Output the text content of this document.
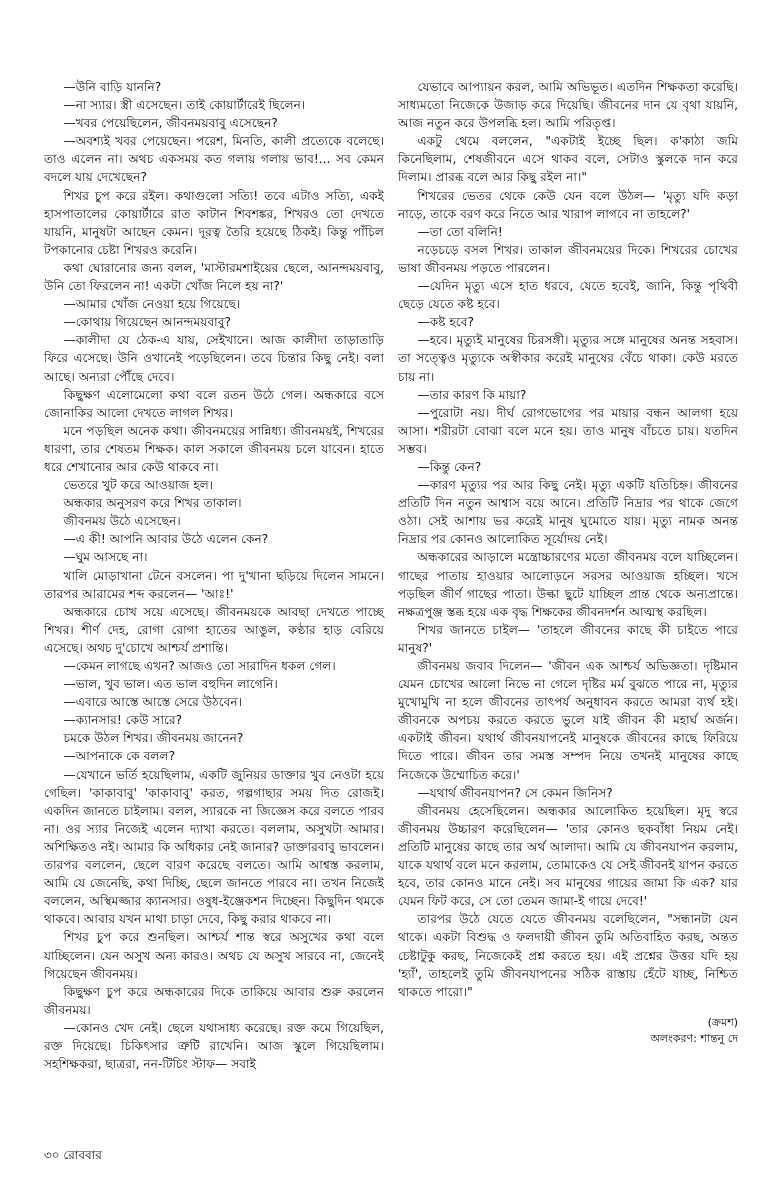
—উনি বাড়ি যাননি?

—না স্যার। স্ত্রী এসেছেন। তাই কোয়ার্টারেই ছিলেন।

—খবর পেয়েছিলেন, জীবনময়বাবু এসেছেন?

—অবশ্যই খবর পেয়েছেন। পরেশ, মিনতি, কালী প্রত্যেকে বলেছে। তাও এলেন না। অথচ একসময় কত গলায় গলায় ভাব!... সব কেমন বদলে যায় দেখেছেন?

শিখর চুপ করে রইল। কথাগুলো সত্যি! তবে এটাও সত্যি, একই হাসপাতালের কোয়ার্টারে রাত কাটান শিবশঙ্কর, শিখরও তো দেখতে যায়নি, মানুষটা আছেন কেমন। দূরত্ব তৈরি হয়েছে ঠিকই। কিন্তু পাঁচিল টপকানোর চেষ্টা শিখরও করেনি।

কথা ঘোরানোর জন্য বলল, 'মাস্টারমশাইয়ের ছেলে, আনন্দময়বাবু, উনি তো ফিরলেন না! একটা খোঁজ নিলে হয় না?'

—আমার খোঁজ নেওয়া হয়ে গিয়েছে।

—কোথায় গিয়েছেন আনন্দময়বাবু?

—কালীদা যে ঠেক-এ যায়, সেইখানে। আজ কালীদা তাড়াতাড়ি ফিরে এসেছে। উনি ওখানেই পড়েছিলেন। তবে চিন্তার কিছু নেই। বলা আছে। অন্যরা পৌঁছে দেবে।

কিছুক্ষণ এলোমেলো কথা বলে রতন উঠে গেল। অন্ধকারে বসে জোনাকির আলো দেখতে লাগল শিখর।

মনে পড়ছিল অনেক কথা। জীবনময়ের সান্নিধ্য। জীবনময়ই, শিখরের ধারণা, তার শেষতম শিক্ষক। কাল সকালে জীবনময় চলে যাবেন। হাতে ধরে শেখানোর আর কেউ থাকবে না।

ভেতরে খুট করে আওয়াজ হল।

অন্ধকার অনুসরণ করে শিখর তাকাল।

জীবনময় উঠে এসেছেন।

—এ কী! আপনি আবার উঠে এলেন কেন?

—ঘুম আসছে না।

খালি মোড়াখানা টেনে বসলেন। পা দু'খানা ছড়িয়ে দিলেন সামনে। তারপর আরামের শব্দ করলেন— 'আঃ!'

অন্ধকারে চোখ সয়ে এসেছে। জীবনময়কে আবছা দেখতে পাচ্ছে শিখর। শীর্ণ দেহ, রোগা রোগা হাতের আঙুল, কণ্ঠার হাড় বেরিয়ে এসেছে। অথচ দু'চোখে আশ্চর্য প্রশান্তি।

—কেমন লাগছে এখন? আজও তো সারাদিন ধকল গেল।

—ভাল, খুব ভাল। এত ভাল বহুদিন লাগেনি।

—এবারে আস্তে আস্তে সেরে উঠবেন।

—ক্যানসার! কেউ সারে?

চমকে উঠল শিখর। জীবনময় জানেন?

—আপনাকে কে বলল?

—যেখানে ভর্তি হয়েছিলাম, একটি জুনিয়র ডাক্তার খুব নেওটা হয়ে গেছিল। 'কাকাবাবু' 'কাকাবাবু' করত, গল্পগাছার সময় দিত রোজই। একদিন জানতে চাইলাম। বলল, স্যারকে না জিজ্ঞেস করে বলতে পারব না। ওর স্যার নিজেই এলেন দ্যাখা করতে। বললাম, অসুখটা আমার। অশিক্ষিতও নই। আমার কি অধিকার নেই জানার? ডাক্তারবাবু ভাবলেন। তারপর বললেন, ছেলে বারণ করেছে বলতে। আমি আশ্বস্ত করলাম, আমি যে জেনেছি, কথা দিচ্ছি, ছেলে জানতে পারবে না। তখন নিজেই বললেন, অস্থিমজ্জার ক্যানসার। ওষুধ-ইঞ্জেকশন দিচ্ছেন। কিছুদিন থমকে থাকবে। আবার যখন মাথা চাড়া দেবে, কিছু করার থাকবে না।

শিখর চুপ করে শুনছিল। আশ্চর্য শান্ত স্বরে অসুখের কথা বলে যাচ্ছিলেন। যেন অসুখ অন্য কারও। অথচ যে অসুখ সারবে না, জেনেই গিয়েছেন জীবনময়।

কিছুক্ষণ চুপ করে অন্ধকারের দিকে তাকিয়ে আবার শুরু করলেন জীবনময়।

—কোনও খেদ নেই। ছেলে যথাসাধ্য করেছে। রক্ত কমে গিয়েছিল, রক্ত দিয়েছে। চিকিৎসার ত্রুটি রাখেনি। আজ স্কুলে গিয়েছিলাম। সহশিক্ষকরা, ছাত্ররা, নন-টিচিং স্টাফ— সবাই

যেভাবে আপ্যায়ন করল, আমি অভিভূত। এতদিন শিক্ষকতা করেছি। সাধ্যমতো নিজেকে উজাড় করে দিয়েছি। জীবনের দান যে বৃথা যায়নি, আজ নতুন করে উপলব্ধি হল। আমি পরিতৃপ্ত।

একটু থেমে বললেন, "একটাই ইচ্ছে ছিল। ক'কাঠা জমি কিনেছিলাম, শেষজীবনে এসে থাকব বলে, সেটাও স্কুলকে দান করে দিলাম। প্রারব্ধ বলে আর কিছু রইল না।"

শিখরের ভেতর থেকে কেউ যেন বলে উঠল— 'মৃত্যু যদি কড়া নাড়ে, তাকে বরণ করে নিতে আর খারাপ লাগবে না তাহলে?'

—তা তো বলিনি!

নড়েচড়ে বসল শিখর। তাকাল জীবনময়ের দিকে। শিখরের চোখের ভাষা জীবনময় পড়তে পারলেন।

—যেদিন মৃত্যু এসে হাত ধরবে, যেতে হবেই, জানি, কিন্তু পৃথিবী ছেড়ে যেতে কষ্ট হবে।

—কষ্ট হবে?

—হবে। মৃত্যুই মানুষের চিরসঙ্গী। মৃত্যুর সঙ্গে মানুষের অনন্ত সহবাস। তা সত্ত্বেও মৃত্যুকে অস্বীকার করেই মানুষের বেঁচে থাকা। কেউ মরতে চায় না।

—তার কারণ কি মায়া?

—পুরোটা নয়। দীর্ঘ রোগভোগের পর মায়ার বন্ধন আলগা হয়ে আসা। শরীরটা বোঝা বলে মনে হয়। তাও মানুষ বাঁচতে চায়। যতদিন সম্ভব।

—কিন্তু কেন?

—কারণ মৃত্যুর পর আর কিছু নেই। মৃত্যু একটি যতিচিহ্ন। জীবনের প্রতিটি দিন নতুন আশ্বাস বয়ে আনে। প্রতিটি নিদ্রার পর থাকে জেগে ওঠা। সেই আশায় ভর করেই মানুষ ঘুমোতে যায়। মৃত্যু নামক অনন্ত নিদ্রার পর কোনও আলোকিত সূর্যোদয় নেই।

অন্ধকারের আড়ালে মন্ত্রোচ্চারণের মতো জীবনময় বলে যাচ্ছিলেন। গাছের পাতায় হাওয়ার আলোড়নে সরসর আওয়াজ হচ্ছিল। খসে পড়ছিল জীর্ণ গাছের পাতা। উল্কা ছুটে যাচ্ছিল প্রান্ত থেকে অন্যপ্রান্তে। নক্ষত্রপুঞ্জ স্তব্ধ হয়ে এক বৃদ্ধ শিক্ষকের জীবনদর্শন আত্মস্থ করছিল।

শিখর জানতে চাইল— 'তাহলে জীবনের কাছে কী চাইতে পারে মানুষ?'

জীবনময় জবাব দিলেন— 'জীবন এক আশ্চর্য অভিজ্ঞতা। দৃষ্টিমান যেমন চোখের আলো নিভে না গেলে দৃষ্টির মর্ম বুঝতে পারে না, মৃত্যুর মুখোমুখি না হলে জীবনের তাৎপর্য অনুধাবন করতে আমরা ব্যর্থ হই। জীবনকে অপচয় করতে করতে ভুলে যাই জীবন কী মহার্ঘ অর্জন। একটাই জীবন। যথার্থ জীবনযাপনেই মানুষকে জীবনের কাছে ফিরিয়ে দিতে পারে। জীবন তার সমস্ত সম্পদ নিয়ে তখনই মানুষের কাছে নিজেকে উম্মোচিত করে।'

—যথার্থ জীবনযাপন? সে কেমন জিনিস?

জীবনময় হেসেছিলেন। অন্ধকার আলোকিত হয়েছিল। মৃদু স্বরে জীবনময় উচ্চারণ করেছিলেন— 'তার কোনও ছকবাঁধা নিয়ম নেই। প্রতিটি মানুষের কাছে তার অর্থ আলাদা। আমি যে জীবনযাপন করলাম, যাকে যথার্থ বলে মনে করলাম, তোমাকেও যে সেই জীবনই যাপন করতে হবে, তার কোনও মানে নেই। সব মানুষের গায়ের জামা কি এক? যার যেমন ফিট করে, সে তো তেমন জামা-ই গায়ে দেবে!'

তারপর উঠে যেতে যেতে জীবনময় বলেছিলেন, "সন্ধানটা যেন থাকে। একটা বিশুদ্ধ ও ফলদায়ী জীবন তুমি অতিবাহিত করছ, অন্তত চেষ্টাটুকু করছ, নিজেকেই প্রশ্ন করতে হয়। এই প্রশ্নের উত্তর যদি হয় 'হ্যাঁ', তাহলেই তুমি জীবনযাপনের সঠিক রাস্তায় হেঁটে যাচ্ছ, নিশ্চিত থাকতে পারো।"

(ক্রমশ)
অলংকরণ: শান্তনু দে
৩০ রোববার
